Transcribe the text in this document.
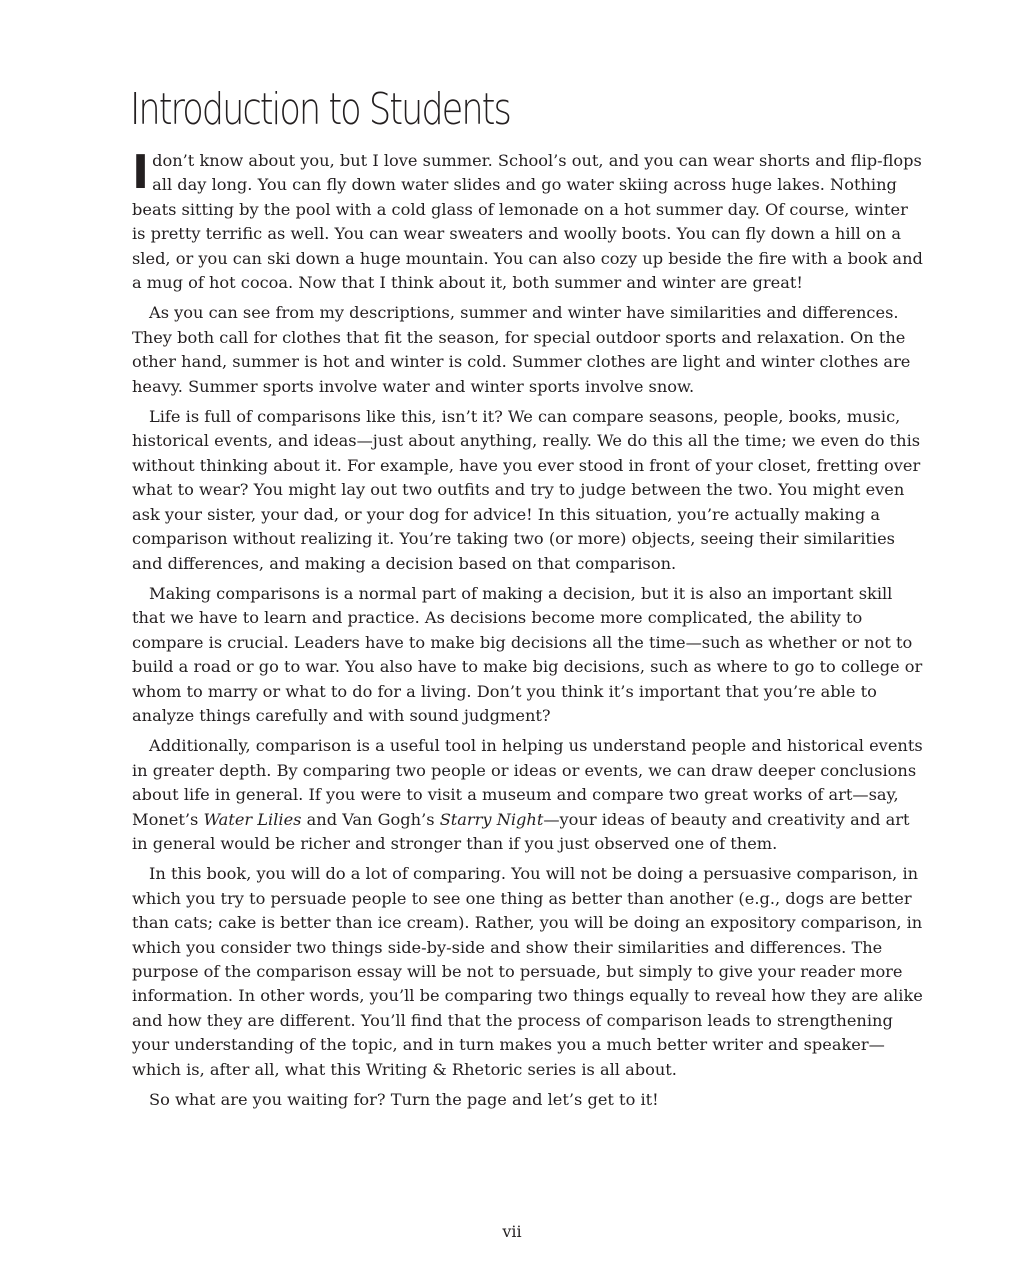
Introduction to Students

Idon’t know about you, but I love summer. School’s out, and you can wear shorts and flip-flops all day long. You can fly down water slides and go water skiing across huge lakes. Nothing beats sitting by the pool with a cold glass of lemonade on a hot summer day. Of course, winter is pretty terrific as well. You can wear sweaters and woolly boots. You can fly down a hill on a sled, or you can ski down a huge mountain. You can also cozy up beside the fire with a book and a mug of hot cocoa. Now that I think about it, both summer and winter are great!

As you can see from my descriptions, summer and winter have similarities and differences. They both call for clothes that fit the season, for special outdoor sports and relaxation. On the other hand, summer is hot and winter is cold. Summer clothes are light and winter clothes are heavy. Summer sports involve water and winter sports involve snow.

Life is full of comparisons like this, isn’t it? We can compare seasons, people, books, music, historical events, and ideas—just about anything, really. We do this all the time; we even do this without thinking about it. For example, have you ever stood in front of your closet, fretting over what to wear? You might lay out two outfits and try to judge between the two. You might even ask your sister, your dad, or your dog for advice! In this situation, you’re actually making a comparison without realizing it. You’re taking two (or more) objects, seeing their similarities and differences, and making a decision based on that comparison.

Making comparisons is a normal part of making a decision, but it is also an important skill that we have to learn and practice. As decisions become more complicated, the ability to compare is crucial. Leaders have to make big decisions all the time—such as whether or not to build a road or go to war. You also have to make big decisions, such as where to go to college or whom to marry or what to do for a living. Don’t you think it’s important that you’re able to analyze things carefully and with sound judgment?

Additionally, comparison is a useful tool in helping us understand people and historical events in greater depth. By comparing two people or ideas or events, we can draw deeper conclusions about life in general. If you were to visit a museum and compare two great works of art—say, Monet’s Water Lilies and Van Gogh’s Starry Night—your ideas of beauty and creativity and art in general would be richer and stronger than if you just observed one of them.

In this book, you will do a lot of comparing. You will not be doing a persuasive comparison, in which you try to persuade people to see one thing as better than another (e.g., dogs are better than cats; cake is better than ice cream). Rather, you will be doing an expository comparison, in which you consider two things side-by-side and show their similarities and differences. The purpose of the comparison essay will be not to persuade, but simply to give your reader more information. In other words, you’ll be comparing two things equally to reveal how they are alike and how they are different. You’ll find that the process of comparison leads to strengthening your understanding of the topic, and in turn makes you a much better writer and speaker—which is, after all, what this Writing & Rhetoric series is all about.

So what are you waiting for? Turn the page and let’s get to it!

vii
